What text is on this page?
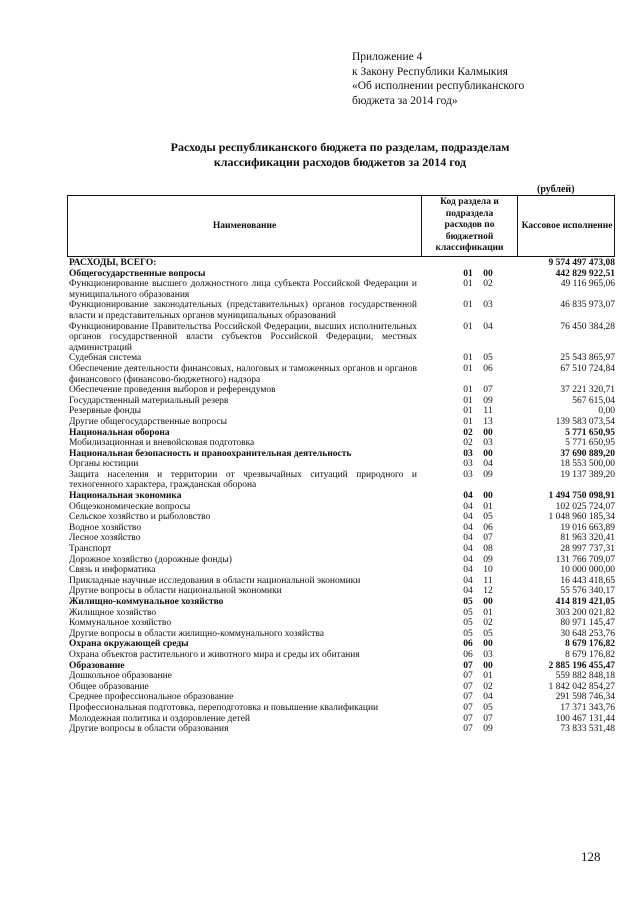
Приложение 4
к Закону Республики Калмыкия
«Об исполнении республиканского
бюджета за 2014 год»
Расходы республиканского бюджета по разделам, подразделам
классификации расходов бюджетов за 2014 год
(рублей)
Наименование
Код раздела и подраздела расходов по бюджетной классификации
Кассовое исполнение
РАСХОДЫ, ВСЕГО:	9 574 497 473,08
Общегосударственные вопросы	01	00	442 829 922,51
Функционирование высшего должностного лица субъекта Российской Федерации и муниципального образования
01	02	49 116 965,06
Функционирование законодательных (представительных) органов государственной власти и представительных органов муниципальных образований
01	03	46 835 973,07
Функционирование Правительства Российской Федерации, высших исполнительных органов государственной власти субъектов Российской Федерации, местных администраций
01	04	76 450 384,28
Судебная система	01	05	25 543 865,97
Обеспечение деятельности финансовых, налоговых и таможенных органов и органов финансового (финансово-бюджетного) надзора
01	06	67 510 724,84
Обеспечение проведения выборов и референдумов	01	07	37 221 320,71
Государственный материальный резерв	01	09	567 615,04
Резервные фонды	01	11	0,00
Другие общегосударственные вопросы	01	13	139 583 073,54
Национальная оборона	02	00	5 771 650,95
Мобилизационная и вневойсковая подготовка	02	03	5 771 650,95
Национальная безопасность и правоохранительная деятельность	03	00	37 690 889,20
Органы юстиции	03	04	18 553 500,00
Защита населения и территории от чрезвычайных ситуаций природного и техногенного характера, гражданская оборона
03	09	19 137 389,20
Национальная экономика	04	00	1 494 750 098,91
Общеэкономические вопросы	04	01	102 025 724,07
Сельское хозяйство и рыболовство	04	05	1 048 960 185,34
Водное хозяйство	04	06	19 016 663,89
Лесное хозяйство	04	07	81 963 320,41
Транспорт	04	08	28 997 737,31
Дорожное хозяйство (дорожные фонды)	04	09	131 766 709,07
Связь и информатика	04	10	10 000 000,00
Прикладные научные исследования в области национальной экономики	04	11	16 443 418,65
Другие вопросы в области национальной экономики	04	12	55 576 340,17
Жилищно-коммунальное хозяйство	05	00	414 819 421,05
Жилищное хозяйство	05	01	303 200 021,82
Коммунальное хозяйство	05	02	80 971 145,47
Другие вопросы в области жилищно-коммунального хозяйства	05	05	30 648 253,76
Охрана окружающей среды	06	00	8 679 176,82
Охрана объектов растительного и животного мира и среды их обитания	06	03	8 679 176,82
Образование	07	00	2 885 196 455,47
Дошкольное образование	07	01	559 882 848,18
Общее образование	07	02	1 842 042 854,27
Среднее профессиональное образование	07	04	291 598 746,34
Профессиональная подготовка, переподготовка и повышение квалификации	07	05	17 371 343,76
Молодежная политика и оздоровление детей	07	07	100 467 131,44
Другие вопросы в области образования	07	09	73 833 531,48
128
